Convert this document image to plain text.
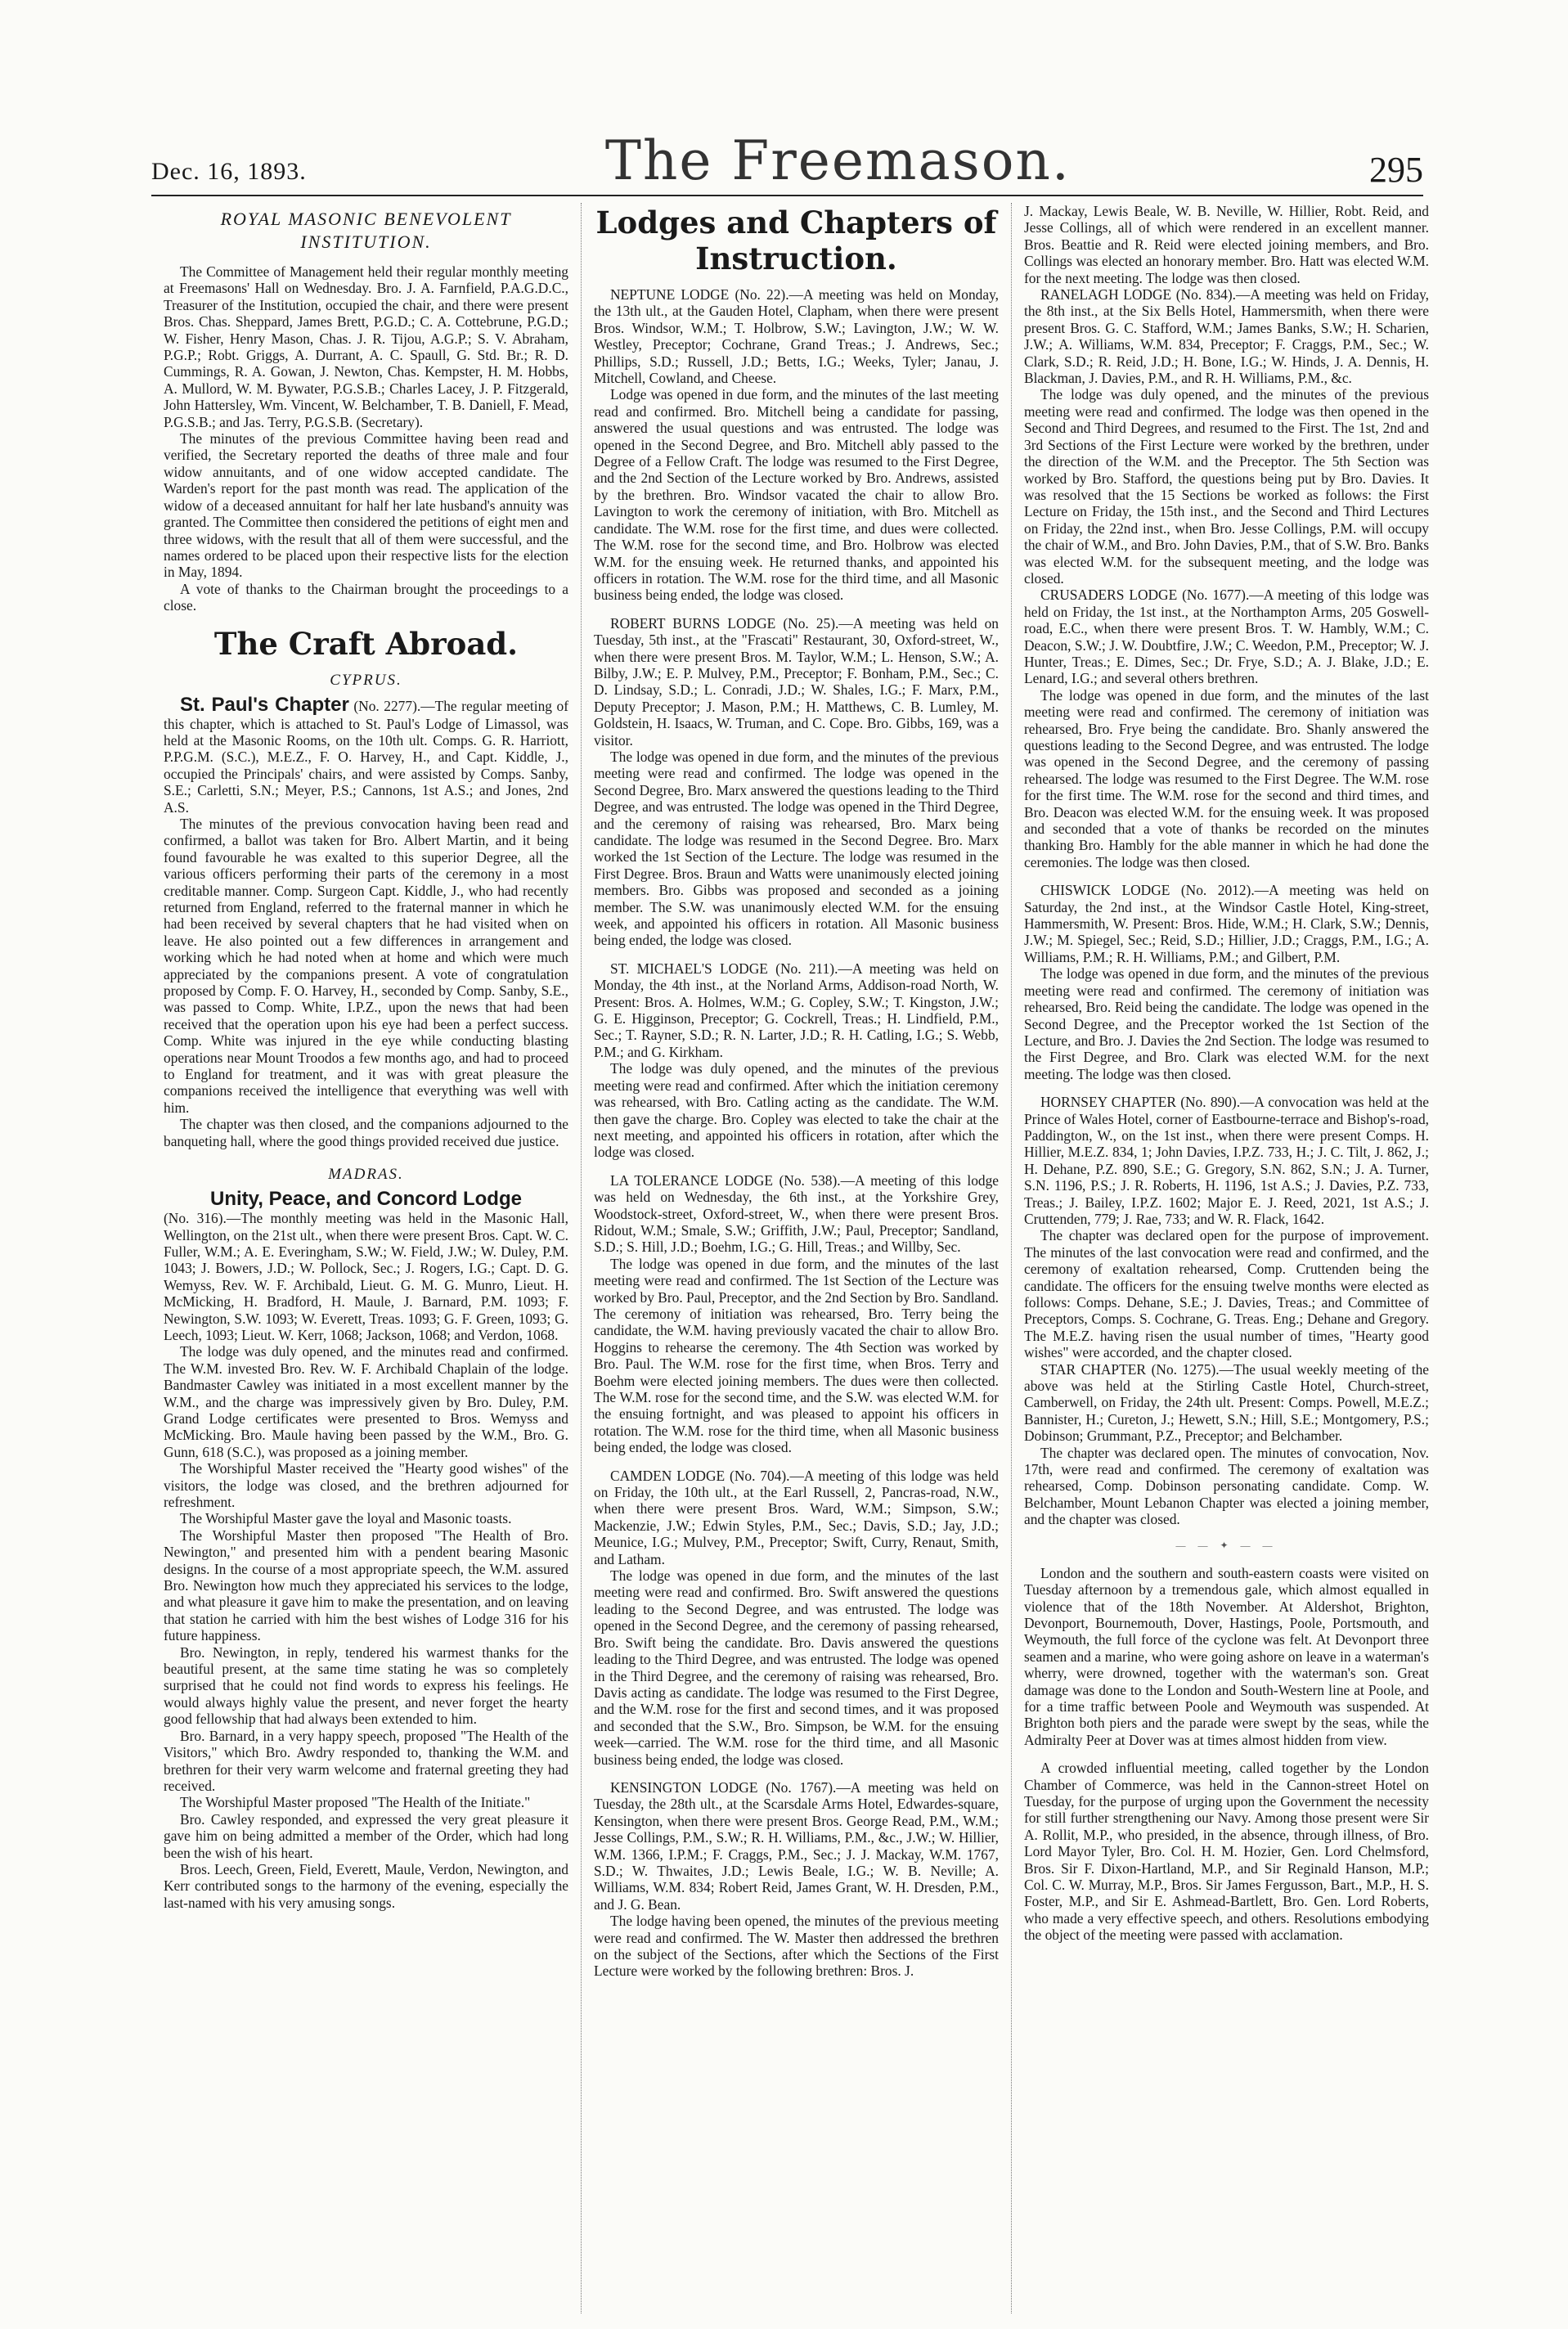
Dec. 16, 1893.	The Freemason.	295
ROYAL MASONIC BENEVOLENT INSTITUTION.

The Committee of Management held their regular monthly meeting at Freemasons' Hall on Wednesday. Bro. J. A. Farnfield, P.A.G.D.C., Treasurer of the Institution, occupied the chair, and there were present Bros. Chas. Sheppard, James Brett, P.G.D.; C. A. Cottebrune, P.G.D.; W. Fisher, Henry Mason, Chas. J. R. Tijou, A.G.P.; S. V. Abraham, P.G.P.; Robt. Griggs, A. Durrant, A. C. Spaull, G. Std. Br.; R. D. Cummings, R. A. Gowan, J. Newton, Chas. Kempster, H. M. Hobbs, A. Mullord, W. M. Bywater, P.G.S.B.; Charles Lacey, J. P. Fitzgerald, John Hattersley, Wm. Vincent, W. Belchamber, T. B. Daniell, F. Mead, P.G.S.B.; and Jas. Terry, P.G.S.B. (Secretary).

The minutes of the previous Committee having been read and verified, the Secretary reported the deaths of three male and four widow annuitants, and of one widow accepted candidate. The Warden's report for the past month was read. The application of the widow of a deceased annuitant for half her late husband's annuity was granted. The Committee then considered the petitions of eight men and three widows, with the result that all of them were successful, and the names ordered to be placed upon their respective lists for the election in May, 1894.

A vote of thanks to the Chairman brought the proceedings to a close.

The Craft Abroad.
CYPRUS.

St. Paul's Chapter (No. 2277).—The regular meeting of this chapter, which is attached to St. Paul's Lodge of Limassol, was held at the Masonic Rooms, on the 10th ult. Comps. G. R. Harriott, P.P.G.M. (S.C.), M.E.Z., F. O. Harvey, H., and Capt. Kiddle, J., occupied the Principals' chairs, and were assisted by Comps. Sanby, S.E.; Carletti, S.N.; Meyer, P.S.; Cannons, 1st A.S.; and Jones, 2nd A.S.

The minutes of the previous convocation having been read and confirmed, a ballot was taken for Bro. Albert Martin, and it being found favourable he was exalted to this superior Degree, all the various officers performing their parts of the ceremony in a most creditable manner. Comp. Surgeon Capt. Kiddle, J., who had recently returned from England, referred to the fraternal manner in which he had been received by several chapters that he had visited when on leave. He also pointed out a few differences in arrangement and working which he had noted when at home and which were much appreciated by the companions present. A vote of congratulation proposed by Comp. F. O. Harvey, H., seconded by Comp. Sanby, S.E., was passed to Comp. White, I.P.Z., upon the news that had been received that the operation upon his eye had been a perfect success. Comp. White was injured in the eye while conducting blasting operations near Mount Troodos a few months ago, and had to proceed to England for treatment, and it was with great pleasure the companions received the intelligence that everything was well with him.

The chapter was then closed, and the companions adjourned to the banqueting hall, where the good things provided received due justice.

MADRAS.
Unity, Peace, and Concord Lodge

(No. 316).—The monthly meeting was held in the Masonic Hall, Wellington, on the 21st ult., when there were present Bros. Capt. W. C. Fuller, W.M.; A. E. Everingham, S.W.; W. Field, J.W.; W. Duley, P.M. 1043; J. Bowers, J.D.; W. Pollock, Sec.; J. Rogers, I.G.; Capt. D. G. Wemyss, Rev. W. F. Archibald, Lieut. G. M. G. Munro, Lieut. H. McMicking, H. Bradford, H. Maule, J. Barnard, P.M. 1093; F. Newington, S.W. 1093; W. Everett, Treas. 1093; G. F. Green, 1093; G. Leech, 1093; Lieut. W. Kerr, 1068; Jackson, 1068; and Verdon, 1068.

The lodge was duly opened, and the minutes read and confirmed. The W.M. invested Bro. Rev. W. F. Archibald Chaplain of the lodge. Bandmaster Cawley was initiated in a most excellent manner by the W.M., and the charge was impressively given by Bro. Duley, P.M. Grand Lodge certificates were presented to Bros. Wemyss and McMicking. Bro. Maule having been passed by the W.M., Bro. G. Gunn, 618 (S.C.), was proposed as a joining member.

The Worshipful Master received the "Hearty good wishes" of the visitors, the lodge was closed, and the brethren adjourned for refreshment.

The Worshipful Master gave the loyal and Masonic toasts.

The Worshipful Master then proposed "The Health of Bro. Newington," and presented him with a pendent bearing Masonic designs. In the course of a most appropriate speech, the W.M. assured Bro. Newington how much they appreciated his services to the lodge, and what pleasure it gave him to make the presentation, and on leaving that station he carried with him the best wishes of Lodge 316 for his future happiness.

Bro. Newington, in reply, tendered his warmest thanks for the beautiful present, at the same time stating he was so completely surprised that he could not find words to express his feelings. He would always highly value the present, and never forget the hearty good fellowship that had always been extended to him.

Bro. Barnard, in a very happy speech, proposed "The Health of the Visitors," which Bro. Awdry responded to, thanking the W.M. and brethren for their very warm welcome and fraternal greeting they had received.

The Worshipful Master proposed "The Health of the Initiate."

Bro. Cawley responded, and expressed the very great pleasure it gave him on being admitted a member of the Order, which had long been the wish of his heart.

Bros. Leech, Green, Field, Everett, Maule, Verdon, Newington, and Kerr contributed songs to the harmony of the evening, especially the last-named with his very amusing songs.

Lodges and Chapters of Instruction.

NEPTUNE LODGE (No. 22).—A meeting was held on Monday, the 13th ult., at the Gauden Hotel, Clapham, when there were present Bros. Windsor, W.M.; T. Holbrow, S.W.; Lavington, J.W.; W. W. Westley, Preceptor; Cochrane, Grand Treas.; J. Andrews, Sec.; Phillips, S.D.; Russell, J.D.; Betts, I.G.; Weeks, Tyler; Janau, J. Mitchell, Cowland, and Cheese.

Lodge was opened in due form, and the minutes of the last meeting read and confirmed. Bro. Mitchell being a candidate for passing, answered the usual questions and was entrusted. The lodge was opened in the Second Degree, and Bro. Mitchell ably passed to the Degree of a Fellow Craft. The lodge was resumed to the First Degree, and the 2nd Section of the Lecture worked by Bro. Andrews, assisted by the brethren. Bro. Windsor vacated the chair to allow Bro. Lavington to work the ceremony of initiation, with Bro. Mitchell as candidate. The W.M. rose for the first time, and dues were collected. The W.M. rose for the second time, and Bro. Holbrow was elected W.M. for the ensuing week. He returned thanks, and appointed his officers in rotation. The W.M. rose for the third time, and all Masonic business being ended, the lodge was closed.

ROBERT BURNS LODGE (No. 25).—A meeting was held on Tuesday, 5th inst., at the "Frascati" Restaurant, 30, Oxford-street, W., when there were present Bros. M. Taylor, W.M.; L. Henson, S.W.; A. Bilby, J.W.; E. P. Mulvey, P.M., Preceptor; F. Bonham, P.M., Sec.; C. D. Lindsay, S.D.; L. Conradi, J.D.; W. Shales, I.G.; F. Marx, P.M., Deputy Preceptor; J. Mason, P.M.; H. Matthews, C. B. Lumley, M. Goldstein, H. Isaacs, W. Truman, and C. Cope. Bro. Gibbs, 169, was a visitor.

The lodge was opened in due form, and the minutes of the previous meeting were read and confirmed. The lodge was opened in the Second Degree, Bro. Marx answered the questions leading to the Third Degree, and was entrusted. The lodge was opened in the Third Degree, and the ceremony of raising was rehearsed, Bro. Marx being candidate. The lodge was resumed in the Second Degree. Bro. Marx worked the 1st Section of the Lecture. The lodge was resumed in the First Degree. Bros. Braun and Watts were unanimously elected joining members. Bro. Gibbs was proposed and seconded as a joining member. The S.W. was unanimously elected W.M. for the ensuing week, and appointed his officers in rotation. All Masonic business being ended, the lodge was closed.

ST. MICHAEL'S LODGE (No. 211).—A meeting was held on Monday, the 4th inst., at the Norland Arms, Addison-road North, W. Present: Bros. A. Holmes, W.M.; G. Copley, S.W.; T. Kingston, J.W.; G. E. Higginson, Preceptor; G. Cockrell, Treas.; H. Lindfield, P.M., Sec.; T. Rayner, S.D.; R. N. Larter, J.D.; R. H. Catling, I.G.; S. Webb, P.M.; and G. Kirkham.

The lodge was duly opened, and the minutes of the previous meeting were read and confirmed. After which the initiation ceremony was rehearsed, with Bro. Catling acting as the candidate. The W.M. then gave the charge. Bro. Copley was elected to take the chair at the next meeting, and appointed his officers in rotation, after which the lodge was closed.

LA TOLERANCE LODGE (No. 538).—A meeting of this lodge was held on Wednesday, the 6th inst., at the Yorkshire Grey, Woodstock-street, Oxford-street, W., when there were present Bros. Ridout, W.M.; Smale, S.W.; Griffith, J.W.; Paul, Preceptor; Sandland, S.D.; S. Hill, J.D.; Boehm, I.G.; G. Hill, Treas.; and Willby, Sec.

The lodge was opened in due form, and the minutes of the last meeting were read and confirmed. The 1st Section of the Lecture was worked by Bro. Paul, Preceptor, and the 2nd Section by Bro. Sandland. The ceremony of initiation was rehearsed, Bro. Terry being the candidate, the W.M. having previously vacated the chair to allow Bro. Hoggins to rehearse the ceremony. The 4th Section was worked by Bro. Paul. The W.M. rose for the first time, when Bros. Terry and Boehm were elected joining members. The dues were then collected. The W.M. rose for the second time, and the S.W. was elected W.M. for the ensuing fortnight, and was pleased to appoint his officers in rotation. The W.M. rose for the third time, when all Masonic business being ended, the lodge was closed.

CAMDEN LODGE (No. 704).—A meeting of this lodge was held on Friday, the 10th ult., at the Earl Russell, 2, Pancras-road, N.W., when there were present Bros. Ward, W.M.; Simpson, S.W.; Mackenzie, J.W.; Edwin Styles, P.M., Sec.; Davis, S.D.; Jay, J.D.; Meunice, I.G.; Mulvey, P.M., Preceptor; Swift, Curry, Renaut, Smith, and Latham.

The lodge was opened in due form, and the minutes of the last meeting were read and confirmed. Bro. Swift answered the questions leading to the Second Degree, and was entrusted. The lodge was opened in the Second Degree, and the ceremony of passing rehearsed, Bro. Swift being the candidate. Bro. Davis answered the questions leading to the Third Degree, and was entrusted. The lodge was opened in the Third Degree, and the ceremony of raising was rehearsed, Bro. Davis acting as candidate. The lodge was resumed to the First Degree, and the W.M. rose for the first and second times, and it was proposed and seconded that the S.W., Bro. Simpson, be W.M. for the ensuing week—carried. The W.M. rose for the third time, and all Masonic business being ended, the lodge was closed.

KENSINGTON LODGE (No. 1767).—A meeting was held on Tuesday, the 28th ult., at the Scarsdale Arms Hotel, Edwardes-square, Kensington, when there were present Bros. George Read, P.M., W.M.; Jesse Collings, P.M., S.W.; R. H. Williams, P.M., &c., J.W.; W. Hillier, W.M. 1366, I.P.M.; F. Craggs, P.M., Sec.; J. J. Mackay, W.M. 1767, S.D.; W. Thwaites, J.D.; Lewis Beale, I.G.; W. B. Neville; A. Williams, W.M. 834; Robert Reid, James Grant, W. H. Dresden, P.M., and J. G. Bean.

The lodge having been opened, the minutes of the previous meeting were read and confirmed. The W. Master then addressed the brethren on the subject of the Sections, after which the Sections of the First Lecture were worked by the following brethren: Bros. J.

J. Mackay, Lewis Beale, W. B. Neville, W. Hillier, Robt. Reid, and Jesse Collings, all of which were rendered in an excellent manner. Bros. Beattie and R. Reid were elected joining members, and Bro. Collings was elected an honorary member. Bro. Hatt was elected W.M. for the next meeting. The lodge was then closed.

RANELAGH LODGE (No. 834).—A meeting was held on Friday, the 8th inst., at the Six Bells Hotel, Hammersmith, when there were present Bros. G. C. Stafford, W.M.; James Banks, S.W.; H. Scharien, J.W.; A. Williams, W.M. 834, Preceptor; F. Craggs, P.M., Sec.; W. Clark, S.D.; R. Reid, J.D.; H. Bone, I.G.; W. Hinds, J. A. Dennis, H. Blackman, J. Davies, P.M., and R. H. Williams, P.M., &c.

The lodge was duly opened, and the minutes of the previous meeting were read and confirmed. The lodge was then opened in the Second and Third Degrees, and resumed to the First. The 1st, 2nd and 3rd Sections of the First Lecture were worked by the brethren, under the direction of the W.M. and the Preceptor. The 5th Section was worked by Bro. Stafford, the questions being put by Bro. Davies. It was resolved that the 15 Sections be worked as follows: the First Lecture on Friday, the 15th inst., and the Second and Third Lectures on Friday, the 22nd inst., when Bro. Jesse Collings, P.M. will occupy the chair of W.M., and Bro. John Davies, P.M., that of S.W. Bro. Banks was elected W.M. for the subsequent meeting, and the lodge was closed.

CRUSADERS LODGE (No. 1677).—A meeting of this lodge was held on Friday, the 1st inst., at the Northampton Arms, 205 Goswell-road, E.C., when there were present Bros. T. W. Hambly, W.M.; C. Deacon, S.W.; J. W. Doubtfire, J.W.; C. Weedon, P.M., Preceptor; W. J. Hunter, Treas.; E. Dimes, Sec.; Dr. Frye, S.D.; A. J. Blake, J.D.; E. Lenard, I.G.; and several others brethren.

The lodge was opened in due form, and the minutes of the last meeting were read and confirmed. The ceremony of initiation was rehearsed, Bro. Frye being the candidate. Bro. Shanly answered the questions leading to the Second Degree, and was entrusted. The lodge was opened in the Second Degree, and the ceremony of passing rehearsed. The lodge was resumed to the First Degree. The W.M. rose for the first time. The W.M. rose for the second and third times, and Bro. Deacon was elected W.M. for the ensuing week. It was proposed and seconded that a vote of thanks be recorded on the minutes thanking Bro. Hambly for the able manner in which he had done the ceremonies. The lodge was then closed.

CHISWICK LODGE (No. 2012).—A meeting was held on Saturday, the 2nd inst., at the Windsor Castle Hotel, King-street, Hammersmith, W. Present: Bros. Hide, W.M.; H. Clark, S.W.; Dennis, J.W.; M. Spiegel, Sec.; Reid, S.D.; Hillier, J.D.; Craggs, P.M., I.G.; A. Williams, P.M.; R. H. Williams, P.M.; and Gilbert, P.M.

The lodge was opened in due form, and the minutes of the previous meeting were read and confirmed. The ceremony of initiation was rehearsed, Bro. Reid being the candidate. The lodge was opened in the Second Degree, and the Preceptor worked the 1st Section of the Lecture, and Bro. J. Davies the 2nd Section. The lodge was resumed to the First Degree, and Bro. Clark was elected W.M. for the next meeting. The lodge was then closed.

HORNSEY CHAPTER (No. 890).—A convocation was held at the Prince of Wales Hotel, corner of Eastbourne-terrace and Bishop's-road, Paddington, W., on the 1st inst., when there were present Comps. H. Hillier, M.E.Z. 834, 1; John Davies, I.P.Z. 733, H.; J. C. Tilt, J. 862, J.; H. Dehane, P.Z. 890, S.E.; G. Gregory, S.N. 862, S.N.; J. A. Turner, S.N. 1196, P.S.; J. R. Roberts, H. 1196, 1st A.S.; J. Davies, P.Z. 733, Treas.; J. Bailey, I.P.Z. 1602; Major E. J. Reed, 2021, 1st A.S.; J. Cruttenden, 779; J. Rae, 733; and W. R. Flack, 1642.

The chapter was declared open for the purpose of improvement. The minutes of the last convocation were read and confirmed, and the ceremony of exaltation rehearsed, Comp. Cruttenden being the candidate. The officers for the ensuing twelve months were elected as follows: Comps. Dehane, S.E.; J. Davies, Treas.; and Committee of Preceptors, Comps. S. Cochrane, G. Treas. Eng.; Dehane and Gregory. The M.E.Z. having risen the usual number of times, "Hearty good wishes" were accorded, and the chapter closed.

STAR CHAPTER (No. 1275).—The usual weekly meeting of the above was held at the Stirling Castle Hotel, Church-street, Camberwell, on Friday, the 24th ult. Present: Comps. Powell, M.E.Z.; Bannister, H.; Cureton, J.; Hewett, S.N.; Hill, S.E.; Montgomery, P.S.; Dobinson; Grummant, P.Z., Preceptor; and Belchamber.

The chapter was declared open. The minutes of convocation, Nov. 17th, were read and confirmed. The ceremony of exaltation was rehearsed, Comp. Dobinson personating candidate. Comp. W. Belchamber, Mount Lebanon Chapter was elected a joining member, and the chapter was closed.

— — ✦ — —

London and the southern and south-eastern coasts were visited on Tuesday afternoon by a tremendous gale, which almost equalled in violence that of the 18th November. At Aldershot, Brighton, Devonport, Bournemouth, Dover, Hastings, Poole, Portsmouth, and Weymouth, the full force of the cyclone was felt. At Devonport three seamen and a marine, who were going ashore on leave in a waterman's wherry, were drowned, together with the waterman's son. Great damage was done to the London and South-Western line at Poole, and for a time traffic between Poole and Weymouth was suspended. At Brighton both piers and the parade were swept by the seas, while the Admiralty Peer at Dover was at times almost hidden from view.

A crowded influential meeting, called together by the London Chamber of Commerce, was held in the Cannon-street Hotel on Tuesday, for the purpose of urging upon the Government the necessity for still further strengthening our Navy. Among those present were Sir A. Rollit, M.P., who presided, in the absence, through illness, of Bro. Lord Mayor Tyler, Bro. Col. H. M. Hozier, Gen. Lord Chelmsford, Bros. Sir F. Dixon-Hartland, M.P., and Sir Reginald Hanson, M.P.; Col. C. W. Murray, M.P., Bros. Sir James Fergusson, Bart., M.P., H. S. Foster, M.P., and Sir E. Ashmead-Bartlett, Bro. Gen. Lord Roberts, who made a very effective speech, and others. Resolutions embodying the object of the meeting were passed with acclamation.
